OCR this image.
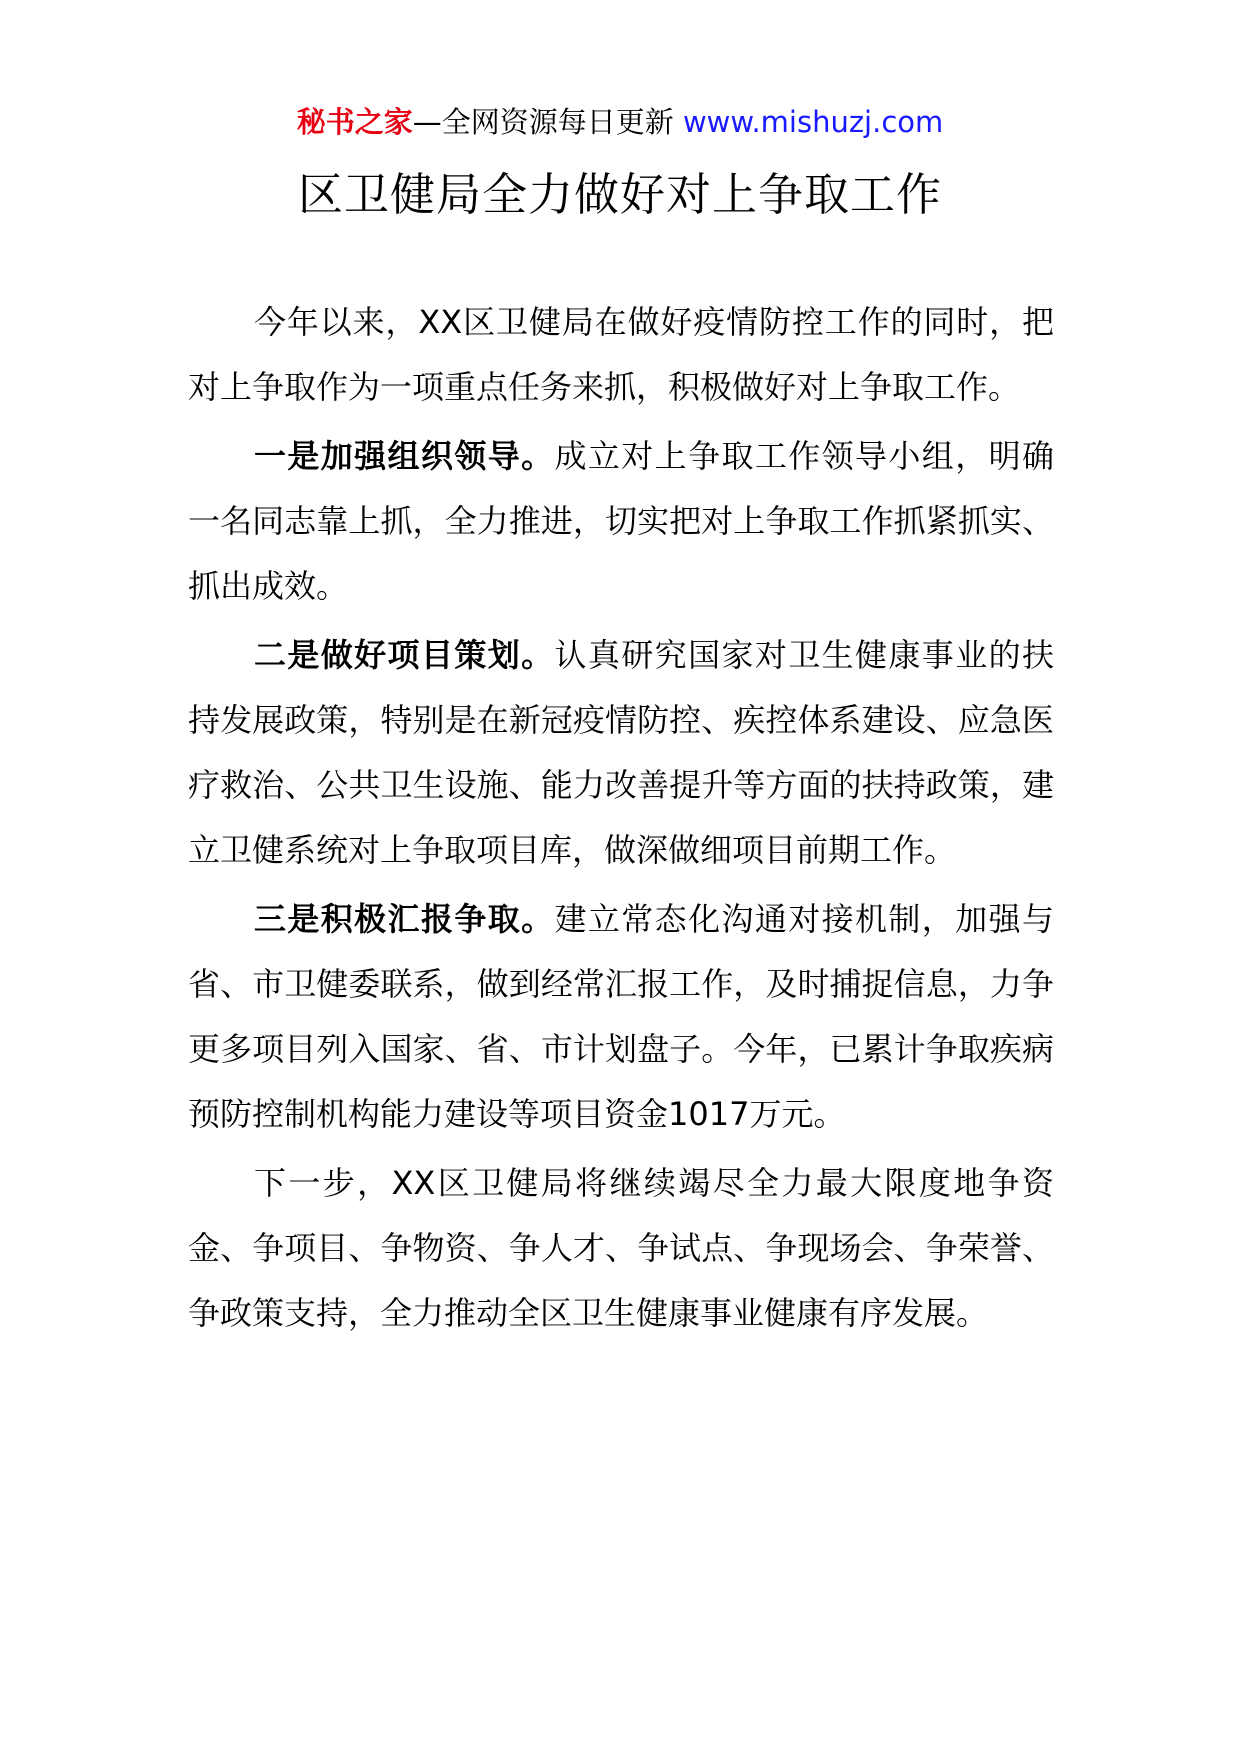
秘书之家—全网资源每日更新 www.mishuzj.com
区卫健局全力做好对上争取工作

今年以来，XX区卫健局在做好疫情防控工作的同时，把对上争取作为一项重点任务来抓，积极做好对上争取工作。

一是加强组织领导。成立对上争取工作领导小组，明确一名同志靠上抓，全力推进，切实把对上争取工作抓紧抓实、抓出成效。

二是做好项目策划。认真研究国家对卫生健康事业的扶持发展政策，特别是在新冠疫情防控、疾控体系建设、应急医疗救治、公共卫生设施、能力改善提升等方面的扶持政策，建立卫健系统对上争取项目库，做深做细项目前期工作。

三是积极汇报争取。建立常态化沟通对接机制，加强与省、市卫健委联系，做到经常汇报工作，及时捕捉信息，力争更多项目列入国家、省、市计划盘子。今年，已累计争取疾病预防控制机构能力建设等项目资金1017万元。

下一步，XX区卫健局将继续竭尽全力最大限度地争资金、争项目、争物资、争人才、争试点、争现场会、争荣誉、争政策支持，全力推动全区卫生健康事业健康有序发展。
